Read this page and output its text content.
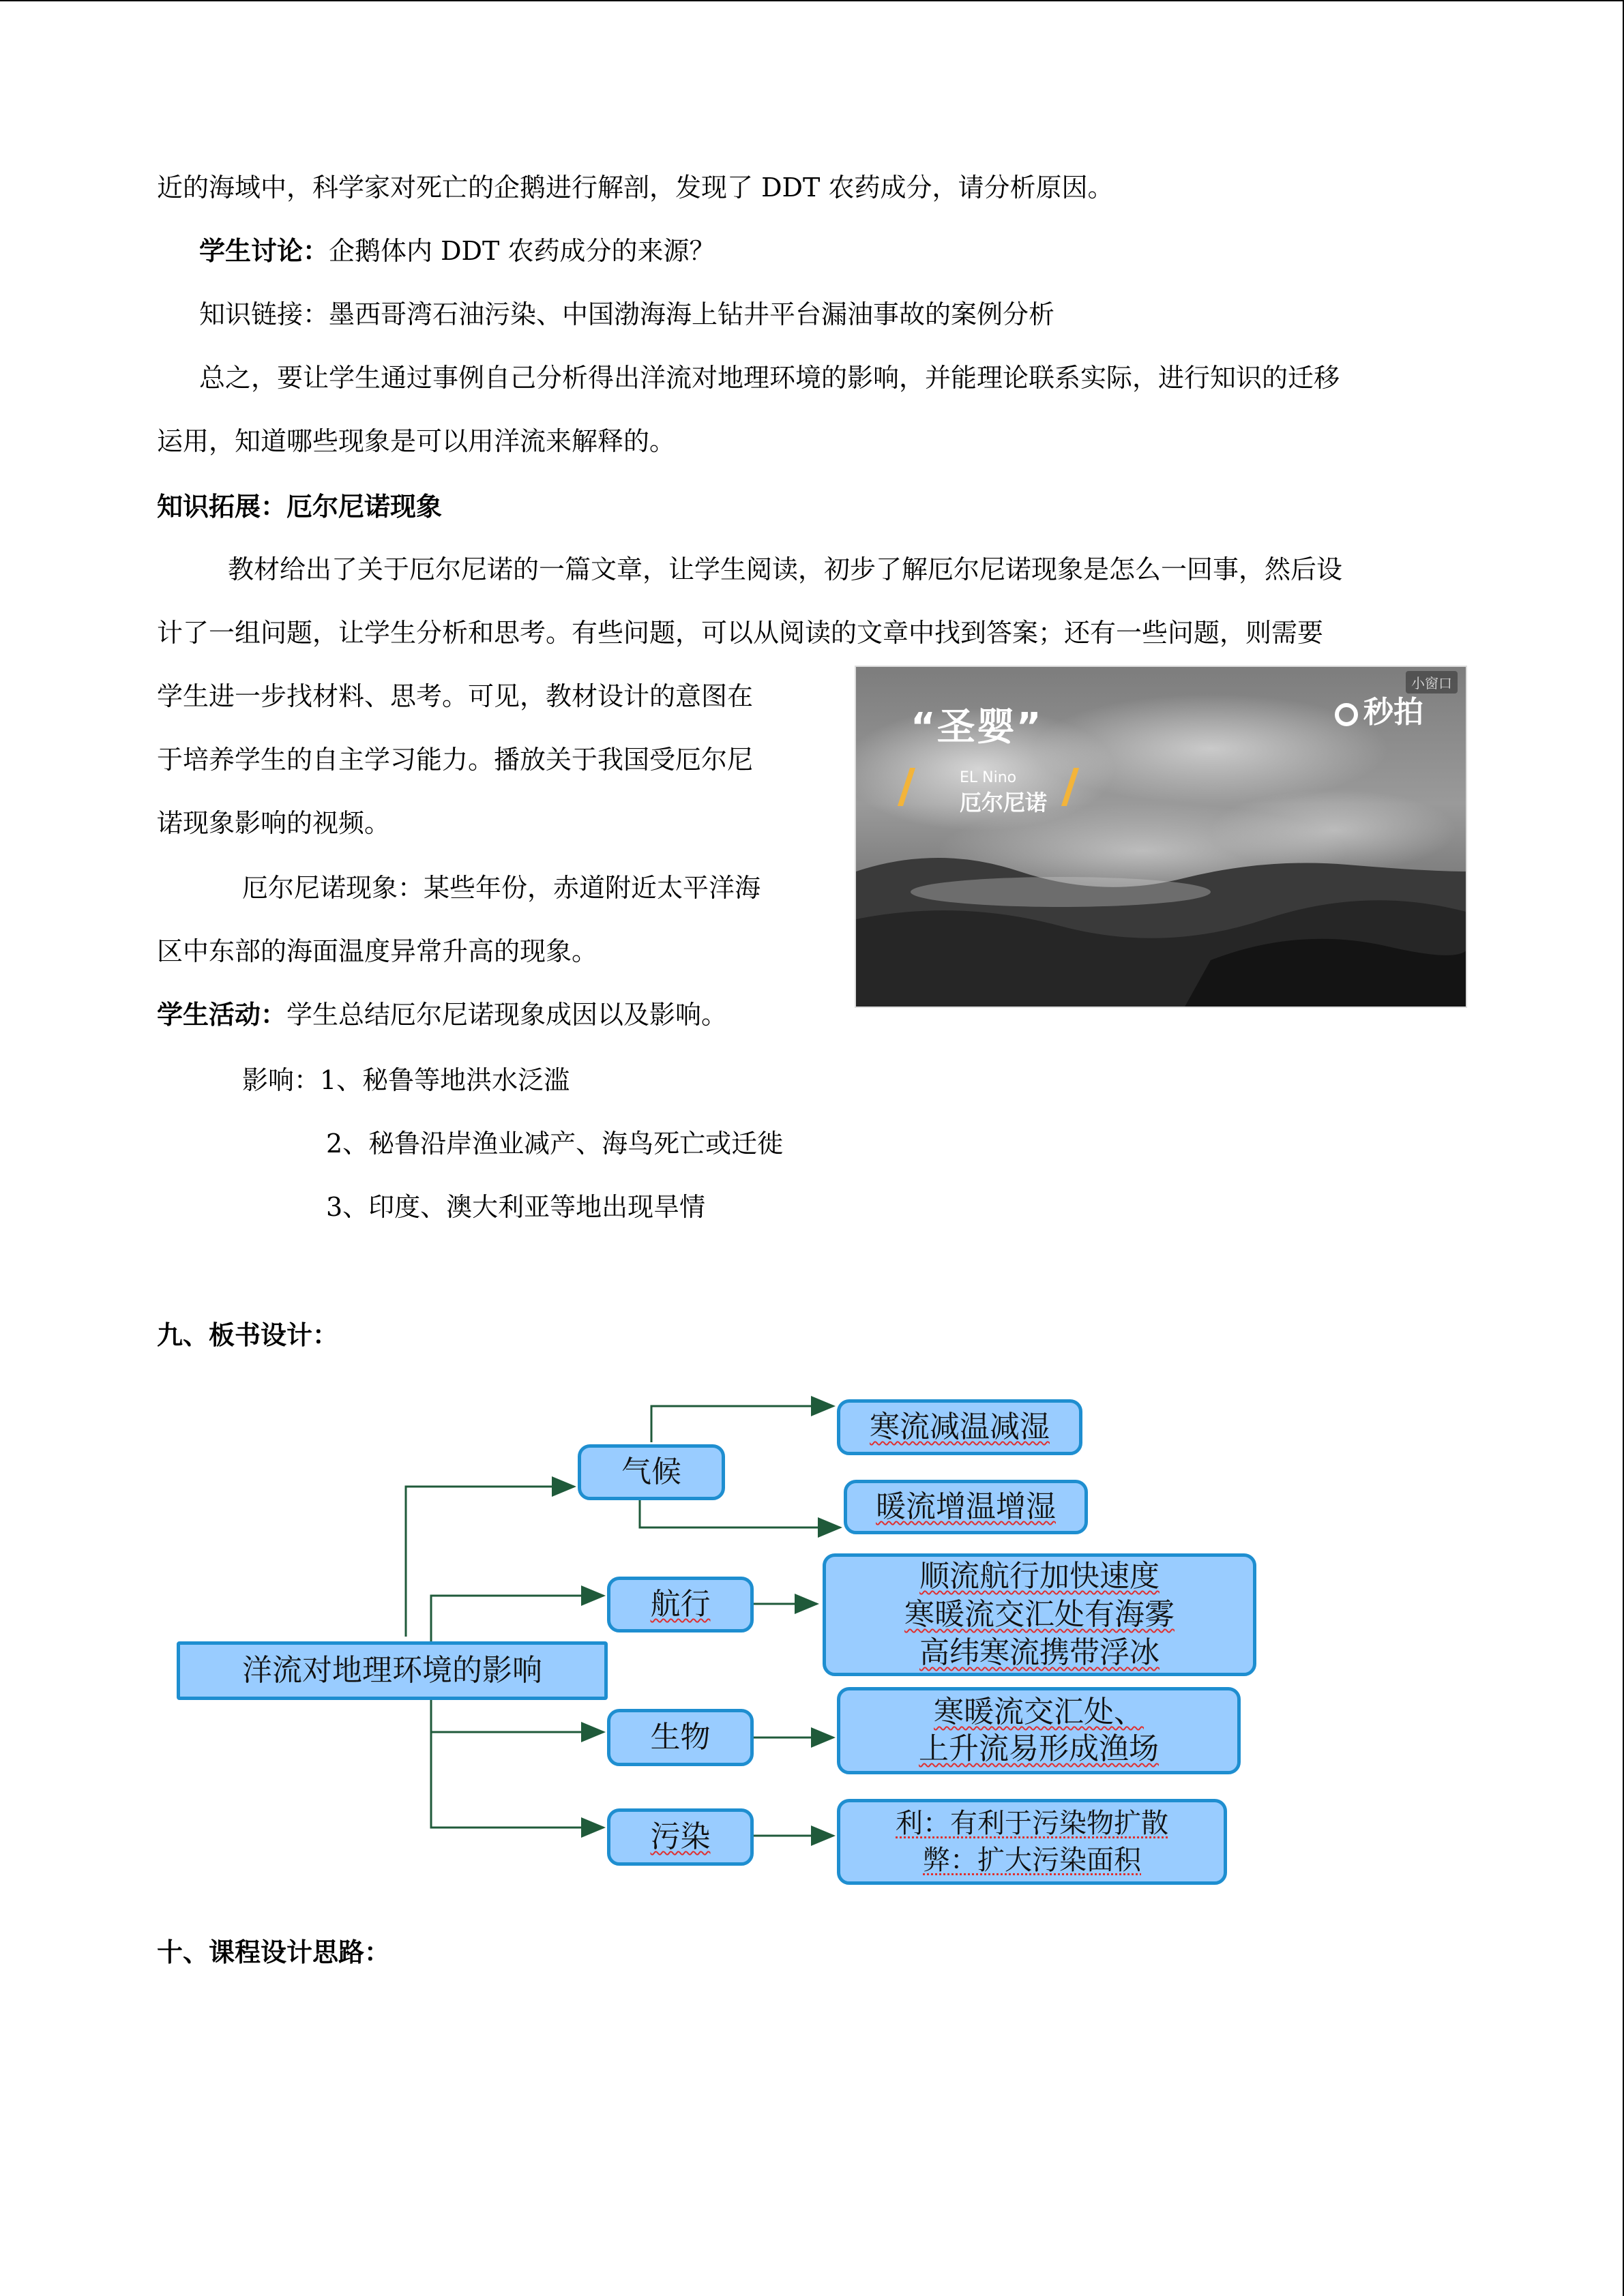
近的海域中，科学家对死亡的企鹅进行解剖，发现了 DDT 农药成分，请分析原因。
学生讨论：企鹅体内 DDT 农药成分的来源？
知识链接：墨西哥湾石油污染、中国渤海海上钻井平台漏油事故的案例分析
总之，要让学生通过事例自己分析得出洋流对地理环境的影响，并能理论联系实际，进行知识的迁移
运用，知道哪些现象是可以用洋流来解释的。
知识拓展：厄尔尼诺现象
教材给出了关于厄尔尼诺的一篇文章，让学生阅读，初步了解厄尔尼诺现象是怎么一回事，然后设
计了一组问题，让学生分析和思考。有些问题，可以从阅读的文章中找到答案；还有一些问题，则需要
学生进一步找材料、思考。可见，教材设计的意图在
于培养学生的自主学习能力。播放关于我国受厄尔尼
诺现象影响的视频。
厄尔尼诺现象：某些年份，赤道附近太平洋海
区中东部的海面温度异常升高的现象。
学生活动：学生总结厄尔尼诺现象成因以及影响。
影响：1、秘鲁等地洪水泛滥
2、秘鲁沿岸渔业减产、海鸟死亡或迁徙
3、印度、澳大利亚等地出现旱情
“圣婴”
EL Nino
厄尔尼诺
秒拍
小窗口
九、板书设计：
洋流对地理环境的影响
气候
寒流减温减湿
暖流增温增湿
航行
顺流航行加快速度
寒暖流交汇处有海雾
高纬寒流携带浮冰
生物
寒暖流交汇处、
上升流易形成渔场
污染	利：有利于污染物扩散
弊：扩大污染面积
十、课程设计思路：
